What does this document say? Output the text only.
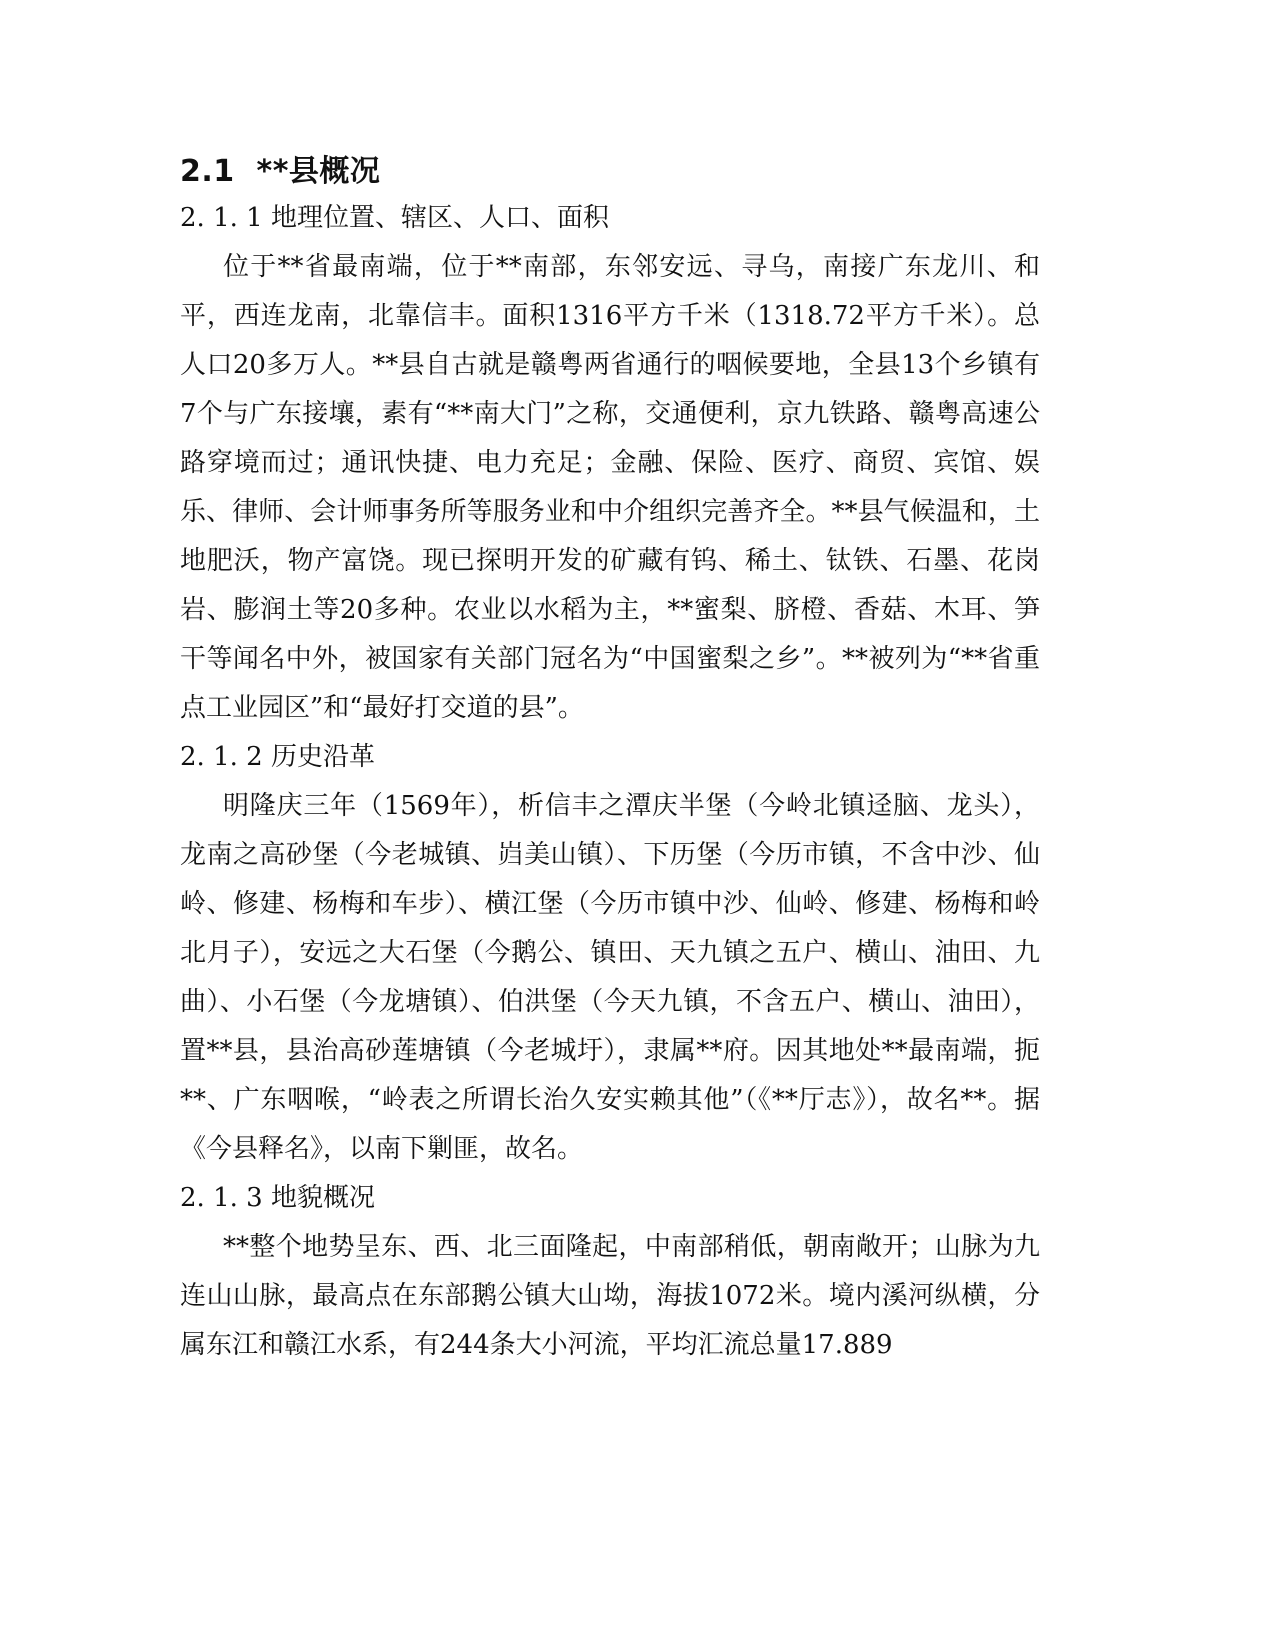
2.1 **县概况
2. 1. 1 地理位置、辖区、人口、面积

位于**省最南端，位于**南部，东邻安远、寻乌，南接广东龙川、和平，西连龙南，北靠信丰。面积1316平方千米（1318.72平方千米）。总人口20多万人。**县自古就是赣粤两省通行的咽候要地，全县13个乡镇有7个与广东接壤，素有“**南大门”之称，交通便利，京九铁路、赣粤高速公路穿境而过；通讯快捷、电力充足；金融、保险、医疗、商贸、宾馆、娱乐、律师、会计师事务所等服务业和中介组织完善齐全。**县气候温和，土地肥沃，物产富饶。现已探明开发的矿藏有钨、稀土、钛铁、石墨、花岗岩、膨润土等20多种。农业以水稻为主，**蜜梨、脐橙、香菇、木耳、笋干等闻名中外，被国家有关部门冠名为“中国蜜梨之乡”。**被列为“**省重点工业园区”和“最好打交道的县”。

2. 1. 2 历史沿革

明隆庆三年（1569年），析信丰之潭庆半堡（今岭北镇迳脑、龙头），龙南之高砂堡（今老城镇、岿美山镇）、下历堡（今历市镇，不含中沙、仙岭、修建、杨梅和车步）、横江堡（今历市镇中沙、仙岭、修建、杨梅和岭北月子），安远之大石堡（今鹅公、镇田、天九镇之五户、横山、油田、九曲）、小石堡（今龙塘镇）、伯洪堡（今天九镇，不含五户、横山、油田），置**县，县治高砂莲塘镇（今老城圩），隶属**府。因其地处**最南端，扼**、广东咽喉，“岭表之所谓长治久安实赖其他”（《**厅志》），故名**。据《今县释名》，以南下剿匪，故名。

2. 1. 3 地貌概况

**整个地势呈东、西、北三面隆起，中南部稍低，朝南敞开；山脉为九连山山脉，最高点在东部鹅公镇大山坳，海拔1072米。境内溪河纵横，分属东江和赣江水系，有244条大小河流，平均汇流总量17.889
